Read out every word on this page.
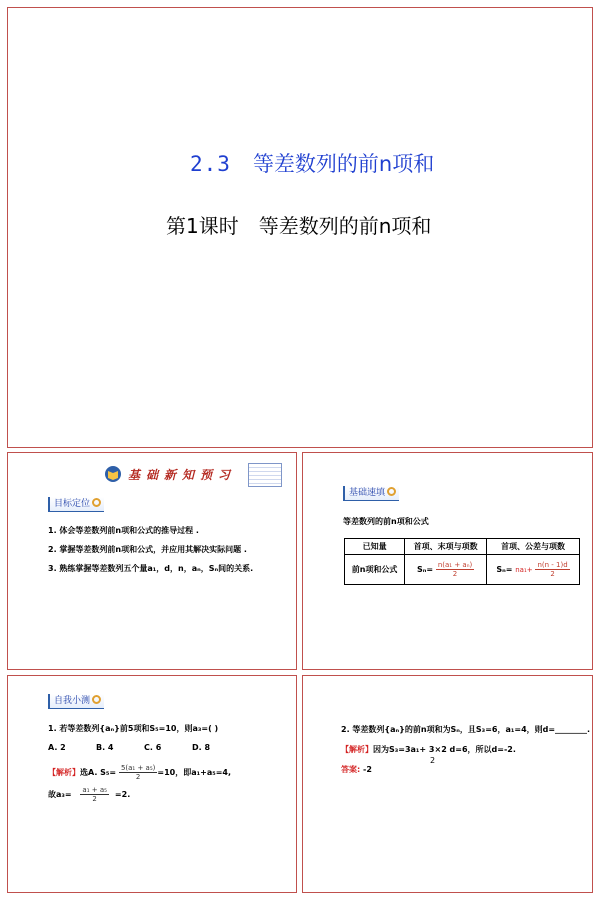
2.3 等差数列的前n项和
第1课时 等差数列的前n项和
基础新知预习
目标定位
1. 体会等差数列前n项和公式的推导过程 .
2. 掌握等差数列前n项和公式，并应用其解决实际问题 .
3. 熟练掌握等差数列五个量a₁，d，n，aₙ，Sₙ间的关系.
基础速填
等差数列的前n项和公式
已知量	首项、末项与项数	首项、公差与项数
前n项和公式	$S_n= \frac{\text{n(a₁ + aₙ)}}{2}$	$S_n= na_1+ \frac{n(n - 1)d}{2}$
自我小测
1. 若等差数列{aₙ}前5项和S₅=10，则a₃=( )
A. 2	B. 4	C. 6	D. 8
【解析】选A. $S_5= \frac{\text{5(a₁ + a₅)}}{2} =10$，即a₁+a₅=4,
故$a_3= \frac{\text{a₁ + a₅}}{2} =2$.
2. 等差数列{aₙ}的前n项和为Sₙ，且S₃=6，a₁=4，则d=________.
【解析】因为S₃=3a₁+ 3×2 d=6，所以d=-2.
2
答案: -2
